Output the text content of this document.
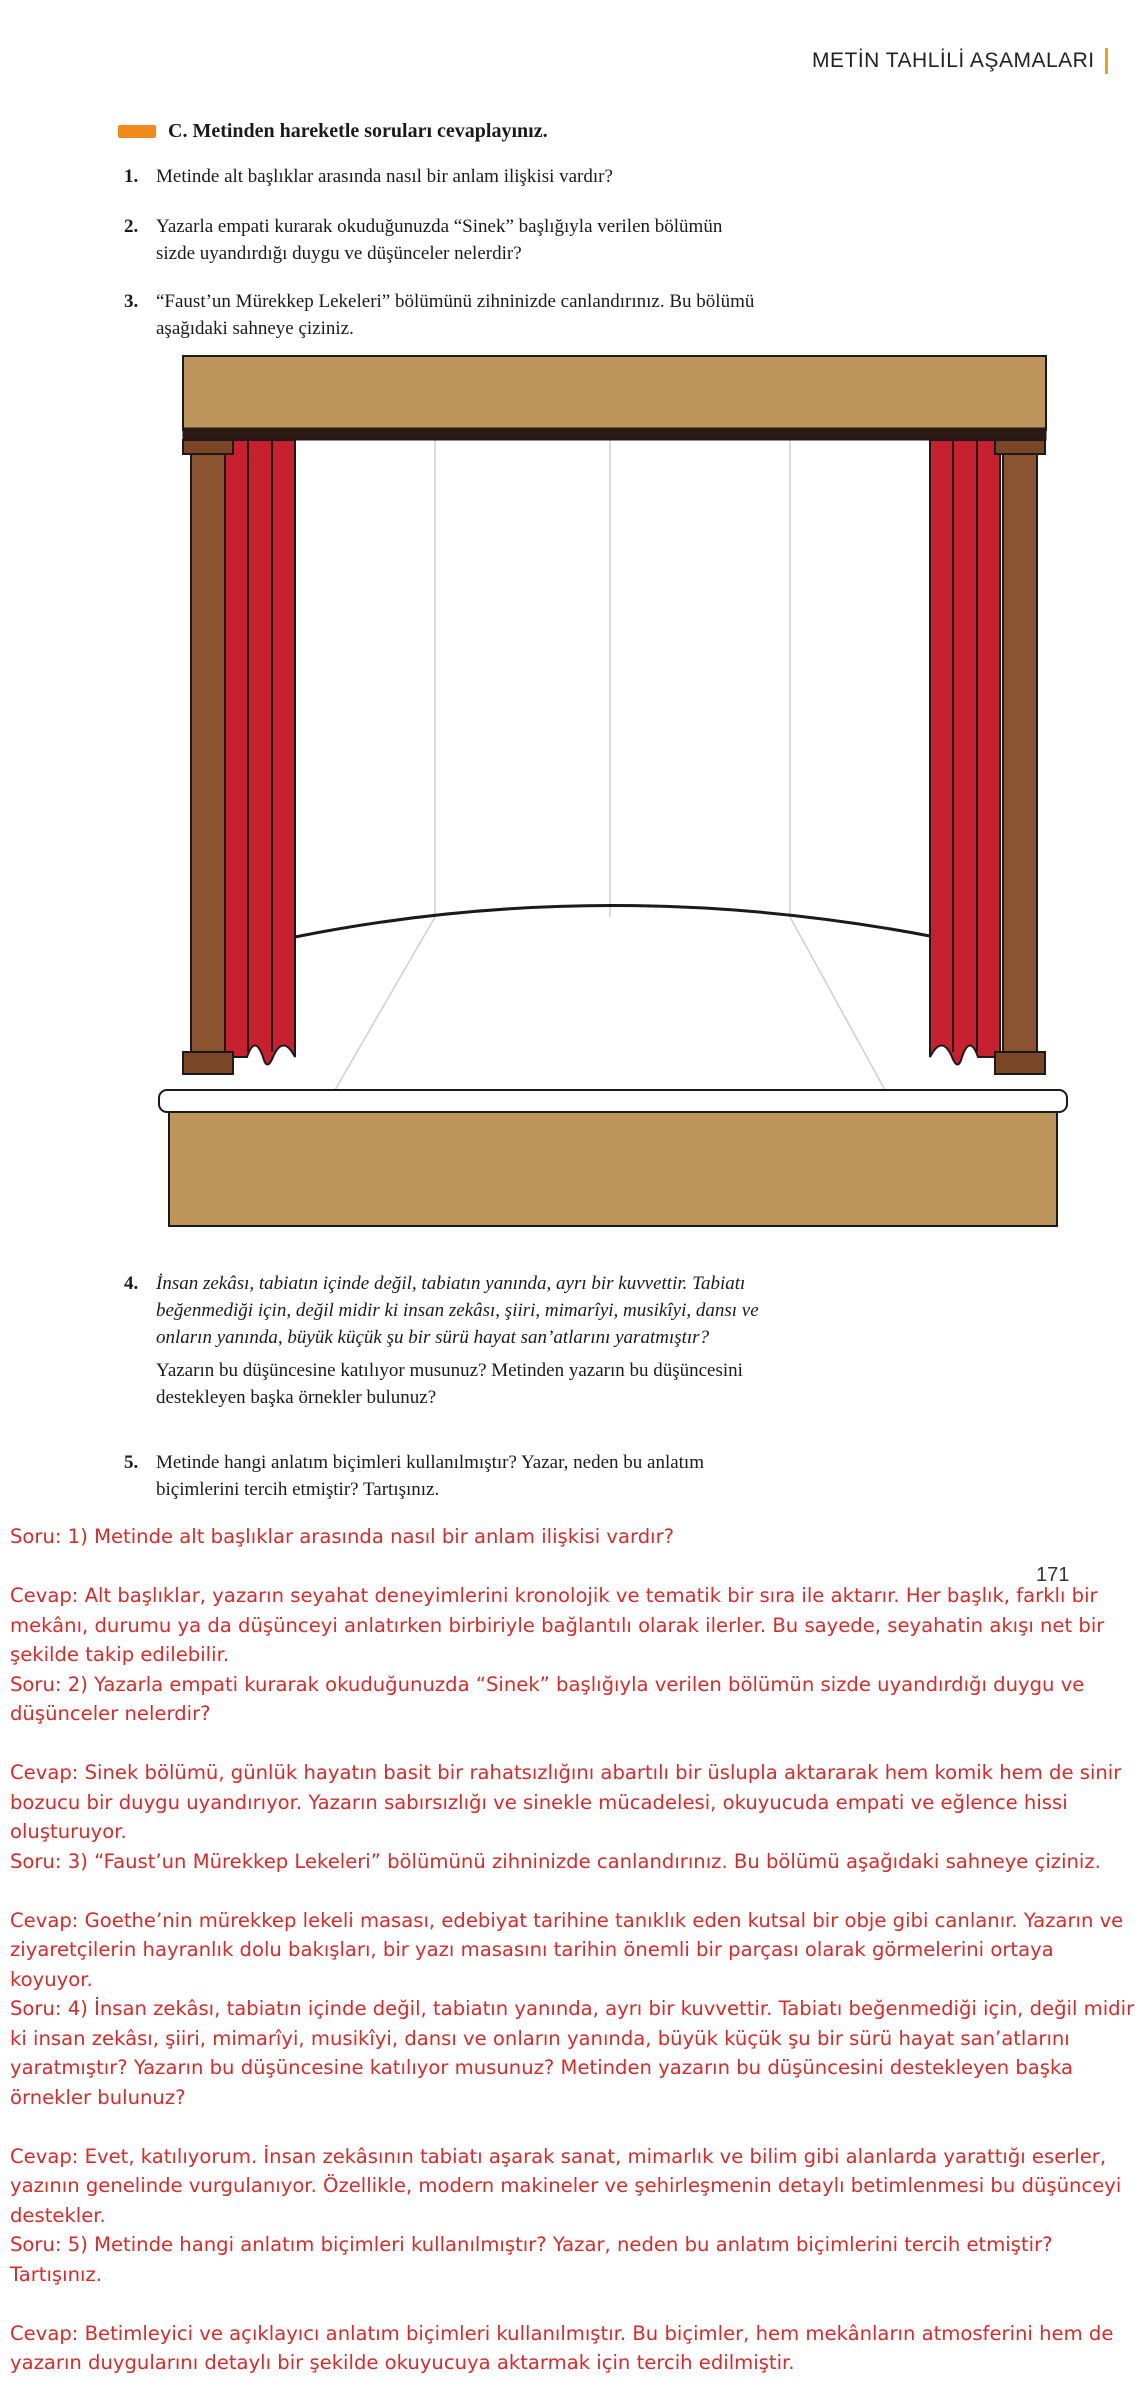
METİN TAHLİLİ AŞAMALARI
C. Metinden hareketle soruları cevaplayınız.
1. Metinde alt başlıklar arasında nasıl bir anlam ilişkisi vardır?
2. Yazarla empati kurarak okuduğunuzda “Sinek” başlığıyla verilen bölümün sizde uyandırdığı duygu ve düşünceler nelerdir?
3. “Faust’un Mürekkep Lekeleri” bölümünü zihninizde canlandırınız. Bu bölümü aşağıdaki sahneye çiziniz.
4. İnsan zekâsı, tabiatın içinde değil, tabiatın yanında, ayrı bir kuvvettir. Tabiatı beğenmediği için, değil midir ki insan zekâsı, şiiri, mimarîyi, musikîyi, dansı ve onların yanında, büyük küçük şu bir sürü hayat san’atlarını yaratmıştır?
Yazarın bu düşüncesine katılıyor musunuz? Metinden yazarın bu düşüncesini destekleyen başka örnekler bulunuz?
5. Metinde hangi anlatım biçimleri kullanılmıştır? Yazar, neden bu anlatım biçimlerini tercih etmiştir? Tartışınız.
171

Soru: 1) Metinde alt başlıklar arasında nasıl bir anlam ilişkisi vardır?

Cevap: Alt başlıklar, yazarın seyahat deneyimlerini kronolojik ve tematik bir sıra ile aktarır. Her başlık, farklı bir mekânı, durumu ya da düşünceyi anlatırken birbiriyle bağlantılı olarak ilerler. Bu sayede, seyahatin akışı net bir şekilde takip edilebilir.

Soru: 2) Yazarla empati kurarak okuduğunuzda “Sinek” başlığıyla verilen bölümün sizde uyandırdığı duygu ve düşünceler nelerdir?

Cevap: Sinek bölümü, günlük hayatın basit bir rahatsızlığını abartılı bir üslupla aktararak hem komik hem de sinir bozucu bir duygu uyandırıyor. Yazarın sabırsızlığı ve sinekle mücadelesi, okuyucuda empati ve eğlence hissi oluşturuyor.

Soru: 3) “Faust’un Mürekkep Lekeleri” bölümünü zihninizde canlandırınız. Bu bölümü aşağıdaki sahneye çiziniz.

Cevap: Goethe’nin mürekkep lekeli masası, edebiyat tarihine tanıklık eden kutsal bir obje gibi canlanır. Yazarın ve ziyaretçilerin hayranlık dolu bakışları, bir yazı masasını tarihin önemli bir parçası olarak görmelerini ortaya koyuyor.

Soru: 4) İnsan zekâsı, tabiatın içinde değil, tabiatın yanında, ayrı bir kuvvettir. Tabiatı beğenmediği için, değil midir ki insan zekâsı, şiiri, mimarîyi, musikîyi, dansı ve onların yanında, büyük küçük şu bir sürü hayat san’atlarını yaratmıştır? Yazarın bu düşüncesine katılıyor musunuz? Metinden yazarın bu düşüncesini destekleyen başka örnekler bulunuz?

Cevap: Evet, katılıyorum. İnsan zekâsının tabiatı aşarak sanat, mimarlık ve bilim gibi alanlarda yarattığı eserler, yazının genelinde vurgulanıyor. Özellikle, modern makineler ve şehirleşmenin detaylı betimlenmesi bu düşünceyi destekler.

Soru: 5) Metinde hangi anlatım biçimleri kullanılmıştır? Yazar, neden bu anlatım biçimlerini tercih etmiştir? Tartışınız.

Cevap: Betimleyici ve açıklayıcı anlatım biçimleri kullanılmıştır. Bu biçimler, hem mekânların atmosferini hem de yazarın duygularını detaylı bir şekilde okuyucuya aktarmak için tercih edilmiştir.
